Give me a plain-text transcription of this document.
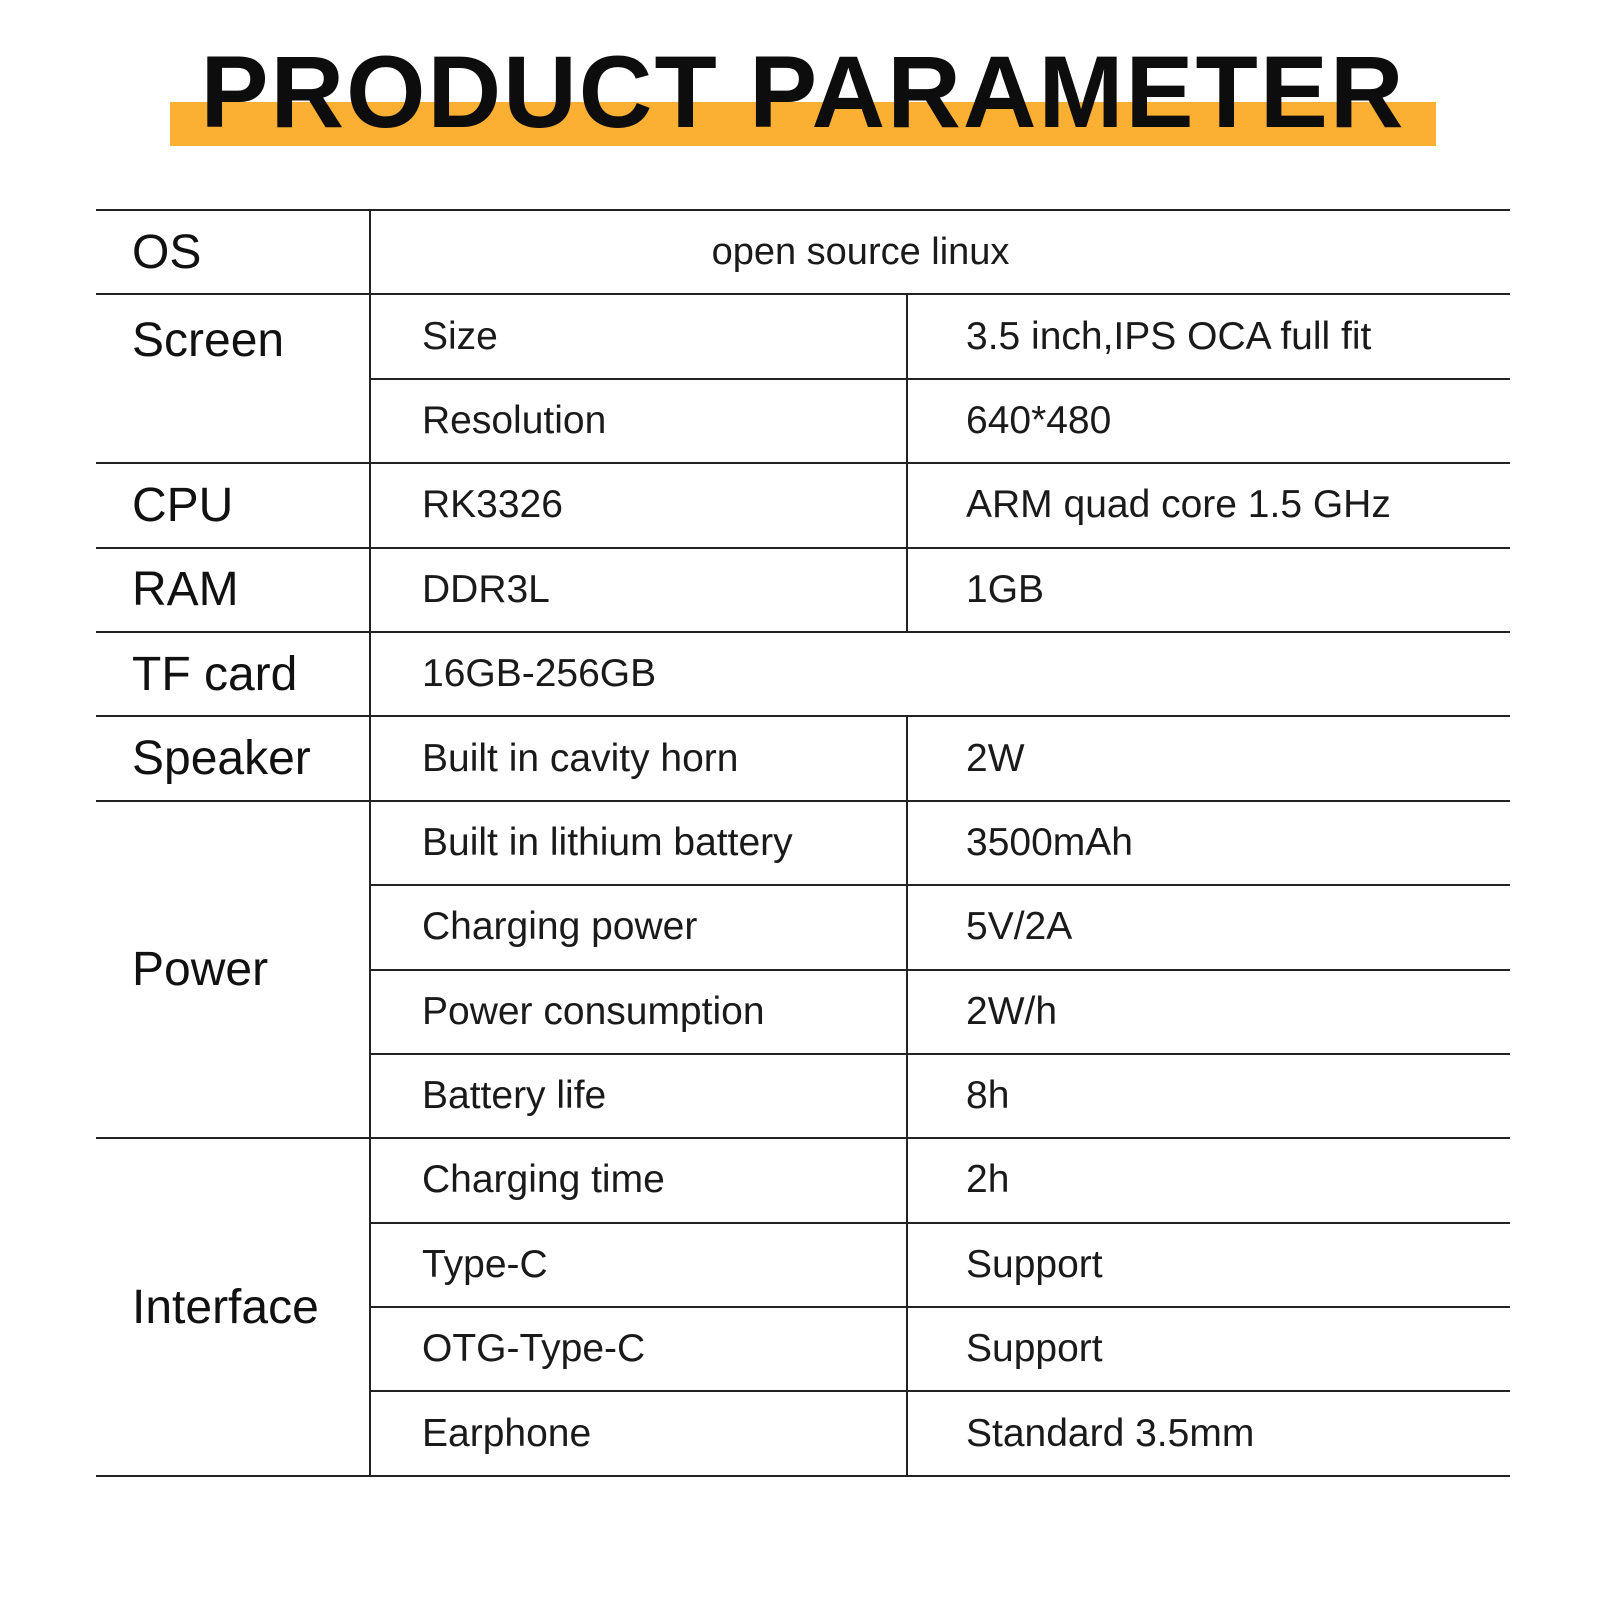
PRODUCT PARAMETER
OS	open source linux	
Screen	Size	3.5 inch,IPS OCA full fit
	Resolution	640*480
CPU	RK3326	ARM quad core 1.5 GHz
RAM	DDR3L	1GB
TF card	16GB-256GB	
Speaker	Built in cavity horn	2W
Power	Built in lithium battery	3500mAh
	Charging power	5V/2A
	Power consumption	2W/h
	Battery life	8h
Interface	Charging time	2h
	Type-C	Support
	OTG-Type-C	Support
	Earphone	Standard 3.5mm
